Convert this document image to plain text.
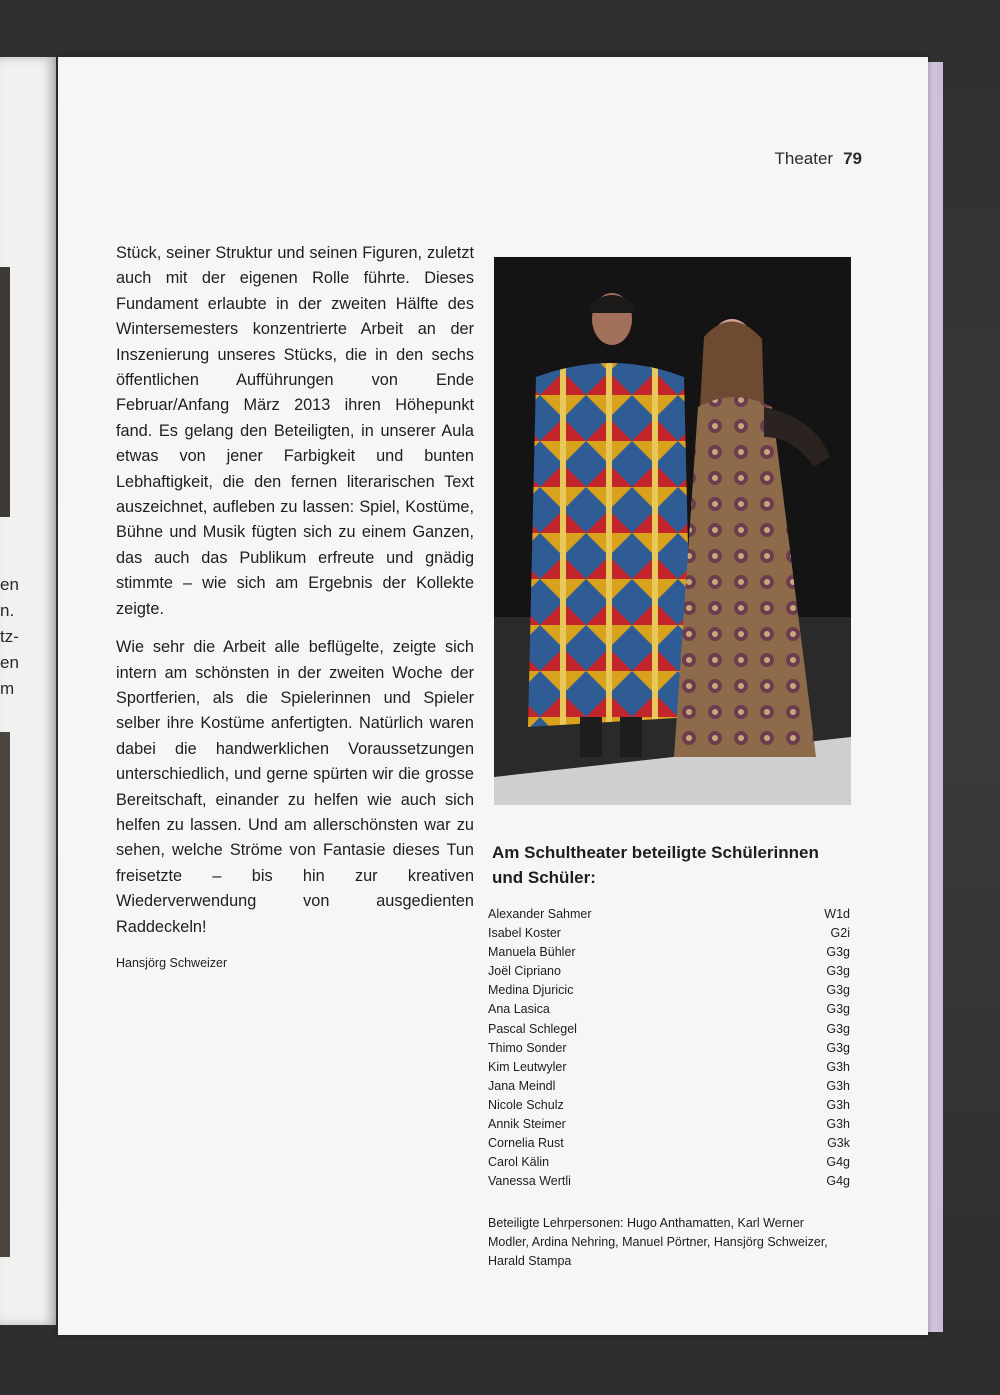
en
n.
tz-
en
m
Theater 79

Stück, seiner Struktur und seinen Figuren, zuletzt auch mit der eigenen Rolle führte. Dieses Fundament erlaubte in der zweiten Hälfte des Wintersemesters konzentrierte Arbeit an der Inszenierung unseres Stücks, die in den sechs öffentlichen Aufführungen von Ende Februar/Anfang März 2013 ihren Höhepunkt fand. Es gelang den Beteiligten, in unserer Aula etwas von jener Farbigkeit und bunten Lebhaftigkeit, die den fernen literarischen Text auszeichnet, aufleben zu lassen: Spiel, Kostüme, Bühne und Musik fügten sich zu einem Ganzen, das auch das Publikum erfreute und gnädig stimmte – wie sich am Ergebnis der Kollekte zeigte.

Wie sehr die Arbeit alle beflügelte, zeigte sich intern am schönsten in der zweiten Woche der Sportferien, als die Spielerinnen und Spieler selber ihre Kostüme anfertigten. Natürlich waren dabei die handwerklichen Voraussetzungen unterschiedlich, und gerne spürten wir die grosse Bereitschaft, einander zu helfen wie auch sich helfen zu lassen. Und am allerschönsten war zu sehen, welche Ströme von Fantasie dieses Tun freisetzte – bis hin zur kreativen Wiederverwendung von ausgedienten Raddeckeln!

Hansjörg Schweizer
Am Schultheater beteiligte Schülerinnen und Schüler:
Alexander Sahmer	W1d
Isabel Koster	G2i
Manuela Bühler	G3g
Joël Cipriano	G3g
Medina Djuricic	G3g
Ana Lasica	G3g
Pascal Schlegel	G3g
Thimo Sonder	G3g
Kim Leutwyler	G3h
Jana Meindl	G3h
Nicole Schulz	G3h
Annik Steimer	G3h
Cornelia Rust	G3k
Carol Kälin	G4g
Vanessa Wertli	G4g
Beteiligte Lehrpersonen: Hugo Anthamatten, Karl Werner Modler, Ardina Nehring, Manuel Pörtner, Hansjörg Schweizer, Harald Stampa
